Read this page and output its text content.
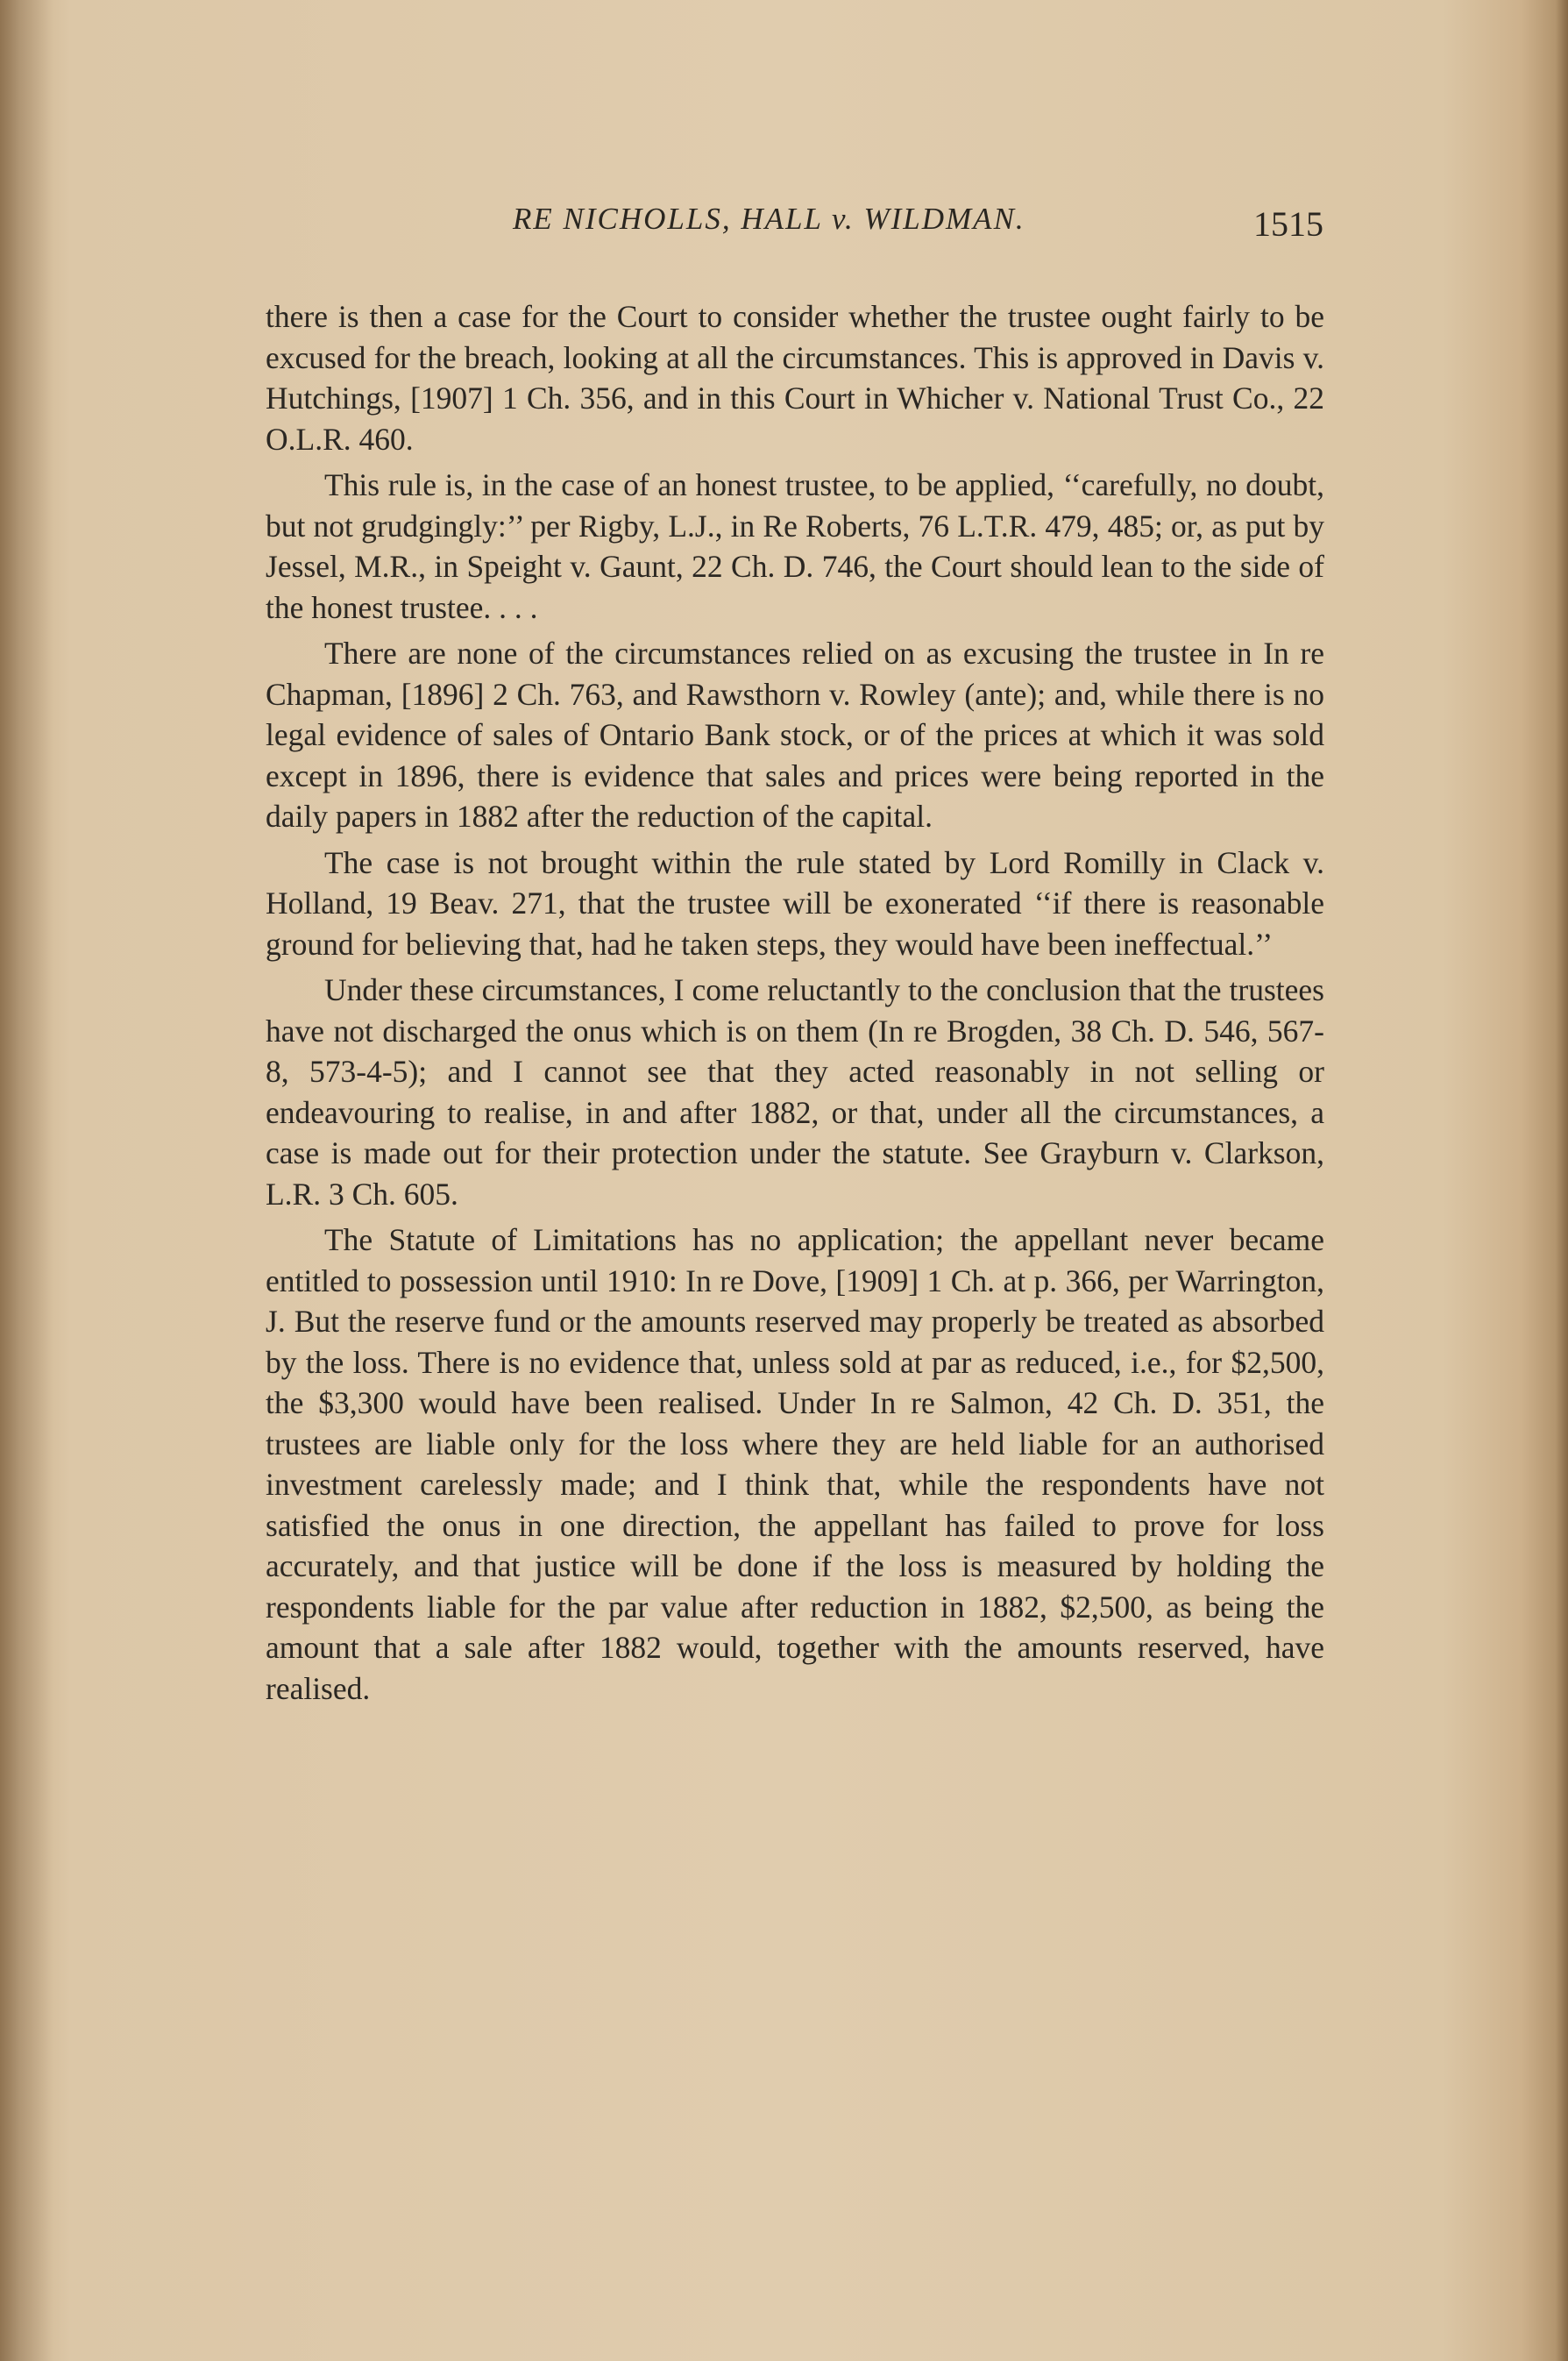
RE NICHOLLS, HALL v. WILDMAN.	1515

there is then a case for the Court to consider whether the trustee ought fairly to be excused for the breach, looking at all the circumstances. This is approved in Davis v. Hutchings, [1907] 1 Ch. 356, and in this Court in Whicher v. National Trust Co., 22 O.L.R. 460.

This rule is, in the case of an honest trustee, to be applied, ‘‘carefully, no doubt, but not grudgingly:’’ per Rigby, L.J., in Re Roberts, 76 L.T.R. 479, 485; or, as put by Jessel, M.R., in Speight v. Gaunt, 22 Ch. D. 746, the Court should lean to the side of the honest trustee. . . .

There are none of the circumstances relied on as excusing the trustee in In re Chapman, [1896] 2 Ch. 763, and Rawsthorn v. Rowley (ante); and, while there is no legal evidence of sales of Ontario Bank stock, or of the prices at which it was sold except in 1896, there is evidence that sales and prices were being reported in the daily papers in 1882 after the reduction of the capital.

The case is not brought within the rule stated by Lord Romilly in Clack v. Holland, 19 Beav. 271, that the trustee will be exonerated ‘‘if there is reasonable ground for believing that, had he taken steps, they would have been ineffectual.’’

Under these circumstances, I come reluctantly to the conclusion that the trustees have not discharged the onus which is on them (In re Brogden, 38 Ch. D. 546, 567-8, 573-4-5); and I cannot see that they acted reasonably in not selling or endeavouring to realise, in and after 1882, or that, under all the circumstances, a case is made out for their protection under the statute. See Grayburn v. Clarkson, L.R. 3 Ch. 605.

The Statute of Limitations has no application; the appellant never became entitled to possession until 1910: In re Dove, [1909] 1 Ch. at p. 366, per Warrington, J. But the reserve fund or the amounts reserved may properly be treated as absorbed by the loss. There is no evidence that, unless sold at par as reduced, i.e., for $2,500, the $3,300 would have been realised. Under In re Salmon, 42 Ch. D. 351, the trustees are liable only for the loss where they are held liable for an authorised investment carelessly made; and I think that, while the respondents have not satisfied the onus in one direction, the appellant has failed to prove for loss accurately, and that justice will be done if the loss is measured by holding the respondents liable for the par value after reduction in 1882, $2,500, as being the amount that a sale after 1882 would, together with the amounts reserved, have realised.
